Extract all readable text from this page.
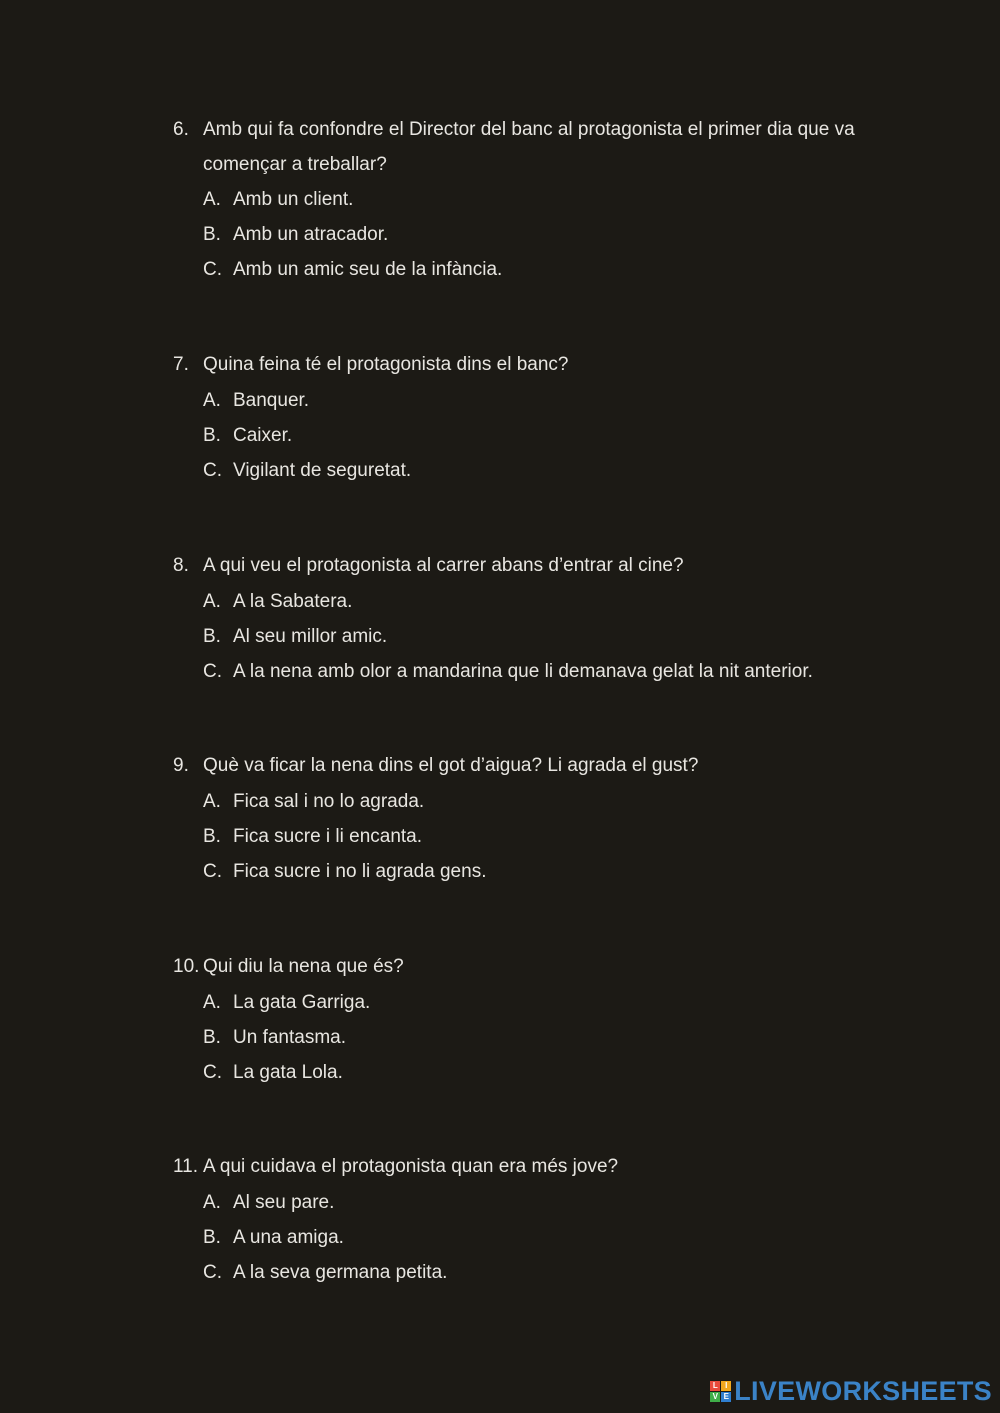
6. Amb qui fa confondre el Director del banc al protagonista el primer dia que va començar a treballar?
A. Amb un client.
B. Amb un atracador.
C. Amb un amic seu de la infància.
7. Quina feina té el protagonista dins el banc?
A. Banquer.
B. Caixer.
C. Vigilant de seguretat.
8. A qui veu el protagonista al carrer abans d’entrar al cine?
A. A la Sabatera.
B. Al seu millor amic.
C. A la nena amb olor a mandarina que li demanava gelat la nit anterior.
9. Què va ficar la nena dins el got d’aigua? Li agrada el gust?
A. Fica sal i no lo agrada.
B. Fica sucre i li encanta.
C. Fica sucre i no li agrada gens.
10. Qui diu la nena que és?
A. La gata Garriga.
B. Un fantasma.
C. La gata Lola.
11. A qui cuidava el protagonista quan era més jove?
A. Al seu pare.
B. A una amiga.
C. A la seva germana petita.
L I
V E LIVEWORKSHEETS
